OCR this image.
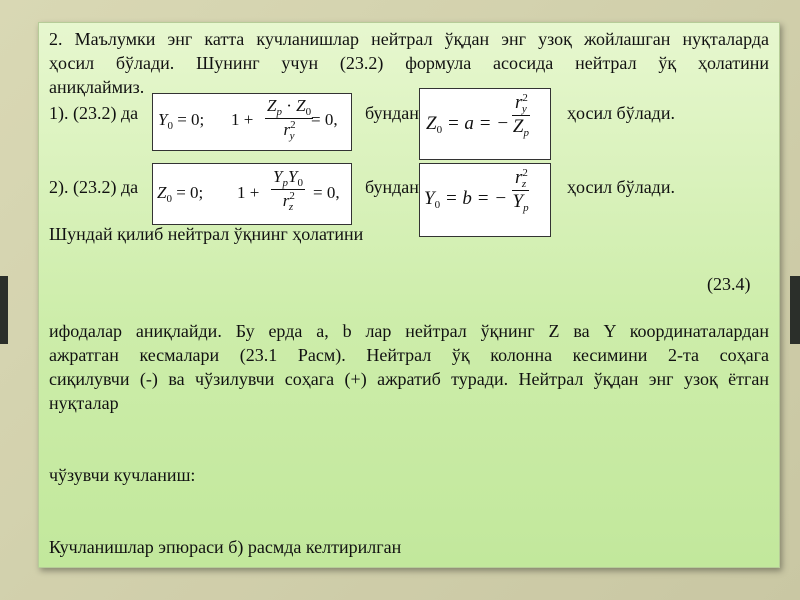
2. Маълумки энг катта кучланишлар нейтрал ўқдан энг узоқ жойлашган нуқталарда
ҳосил бўлади. Шунинг учун (23.2) формула асосида нейтрал ўқ ҳолатини
аниқлаймиз.
1). (23.2) да $Y_0 = 0$; 1 +
$Z_p \cdot Z_0$
$r^2_y$
= 0, бундан $Z_0 = a$ = −
$r^2_y$
$Z_p$
ҳосил бўлади.
2). (23.2) да $Z_0 = 0$; 1 +
$Y_pY_0$
$r^2_z$
= 0, бундан
$Y_0 = b$ = −
$r^2_z$
$Y_p$
ҳосил бўлади.
Шундай қилиб нейтрал ўқнинг ҳолатини
(23.4)
ифодалар аниқлайди. Бу ерда a, b лар нейтрал ўқнинг Z ва Y координаталардан
ажратган кесмалари (23.1 Расм). Нейтрал ўқ колонна кесимини 2-та соҳага
сиқилувчи (-) ва чўзилувчи соҳага (+) ажратиб туради. Нейтрал ўқдан энг узоқ ётган
нуқталар
чўзувчи кучланиш:
Кучланишлар эпюраси б) расмда келтирилган
